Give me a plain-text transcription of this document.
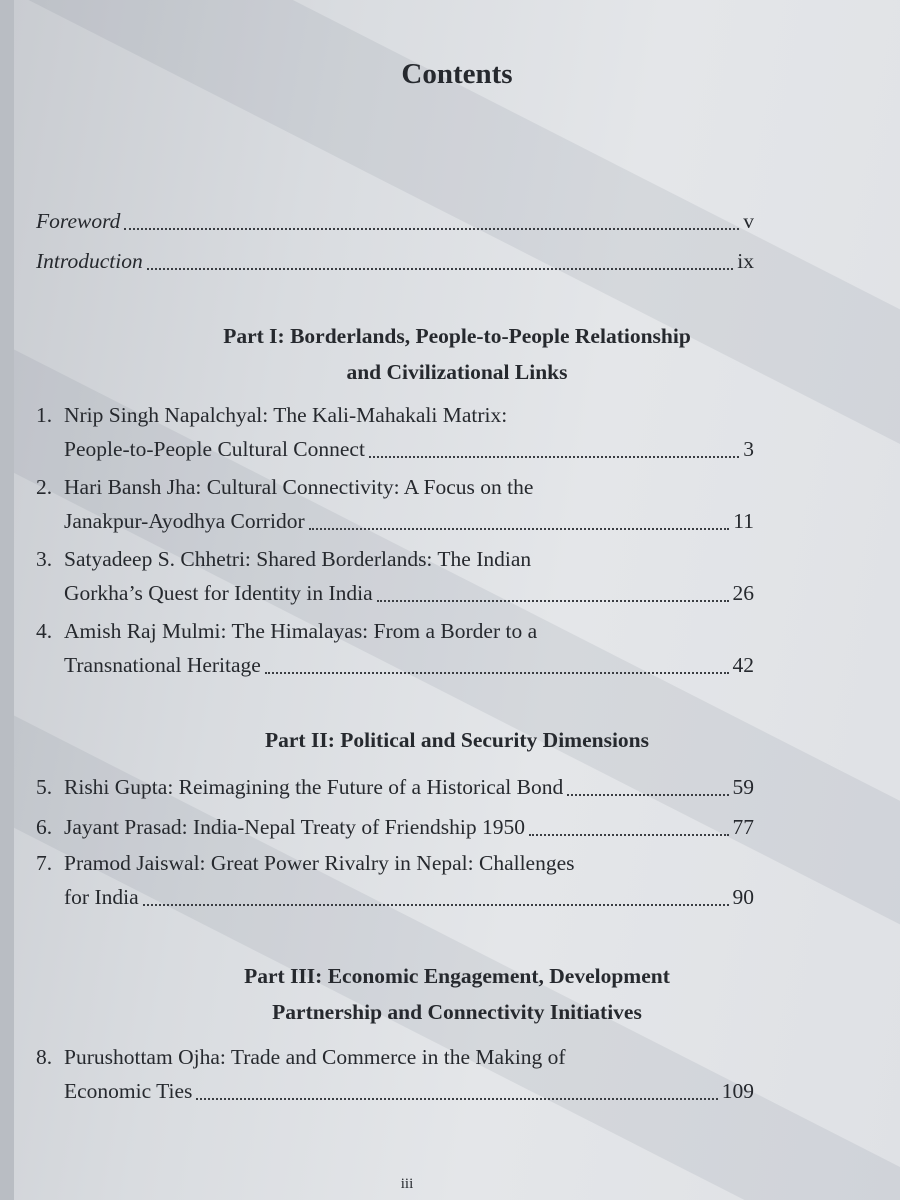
Contents
Foreword	v
Introduction	ix
Part I: Borderlands, People-to-People Relationship
and Civilizational Links
1. Nrip Singh Napalchyal: The Kali-Mahakali Matrix:
People-to-People Cultural Connect	3
2. Hari Bansh Jha: Cultural Connectivity: A Focus on the
Janakpur-Ayodhya Corridor	11
3. Satyadeep S. Chhetri: Shared Borderlands: The Indian
Gorkha’s Quest for Identity in India	26
4. Amish Raj Mulmi: The Himalayas: From a Border to a
Transnational Heritage	42
Part II: Political and Security Dimensions
5. Rishi Gupta: Reimagining the Future of a Historical Bond	59
6. Jayant Prasad: India-Nepal Treaty of Friendship 1950	77
7. Pramod Jaiswal: Great Power Rivalry in Nepal: Challenges
for India	90
Part III: Economic Engagement, Development
Partnership and Connectivity Initiatives
8. Purushottam Ojha: Trade and Commerce in the Making of
Economic Ties	109
iii
